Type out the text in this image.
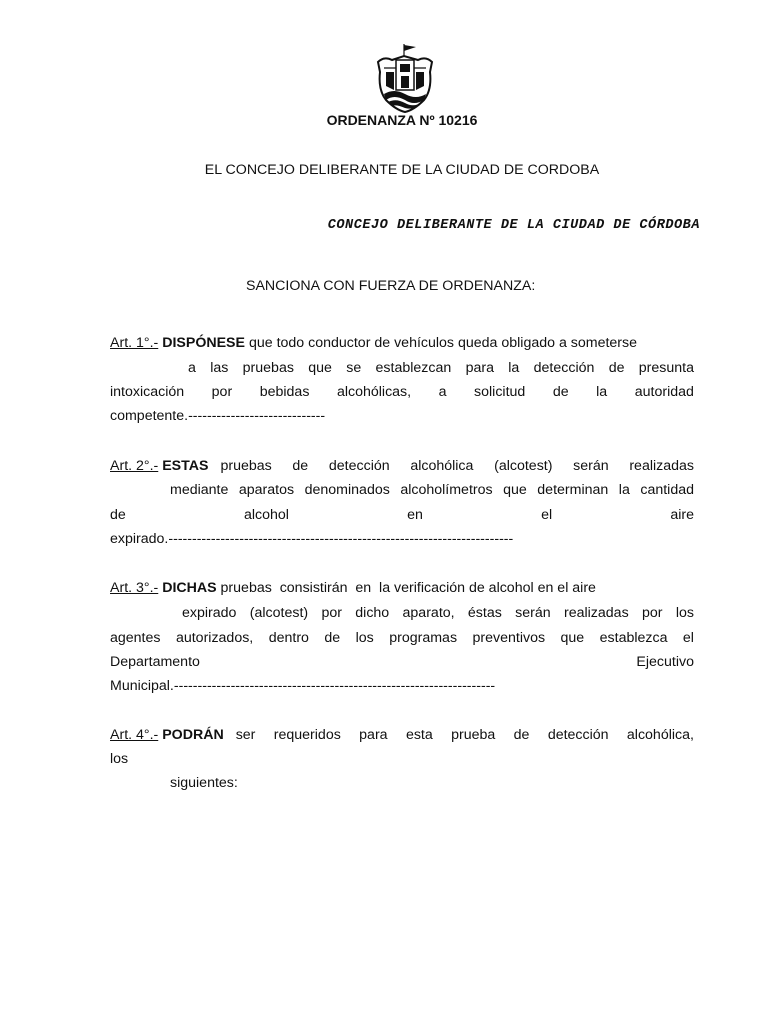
ORDENANZA Nº 10216
EL CONCEJO DELIBERANTE DE LA CIUDAD DE CORDOBA
CONCEJO DELIBERANTE DE LA CIUDAD DE CÓRDOBA
SANCIONA CON FUERZA DE ORDENANZA:
Art. 1°.- DISPÓNESE que todo conductor de vehículos queda obligado a someterse
a las pruebas que se establezcan para la detección de presunta
intoxicación por bebidas alcohólicas, a solicitud de la autoridad
competente.-----------------------------
Art. 2°.- ESTAS pruebas de detección alcohólica (alcotest) serán realizadas
mediante aparatos denominados alcoholímetros que determinan la cantidad
de	alcohol	en	el	aire
expirado.-------------------------------------------------------------------------
Art. 3°.- DICHAS pruebas  consistirán  en  la verificación de alcohol en el aire
expirado (alcotest) por dicho aparato, éstas serán realizadas por los
agentes autorizados, dentro de los programas preventivos que establezca el
Departamento	Ejecutivo
Municipal.--------------------------------------------------------------------
Art. 4°.- PODRÁN ser requeridos para esta prueba de detección alcohólica,
los
siguientes:
